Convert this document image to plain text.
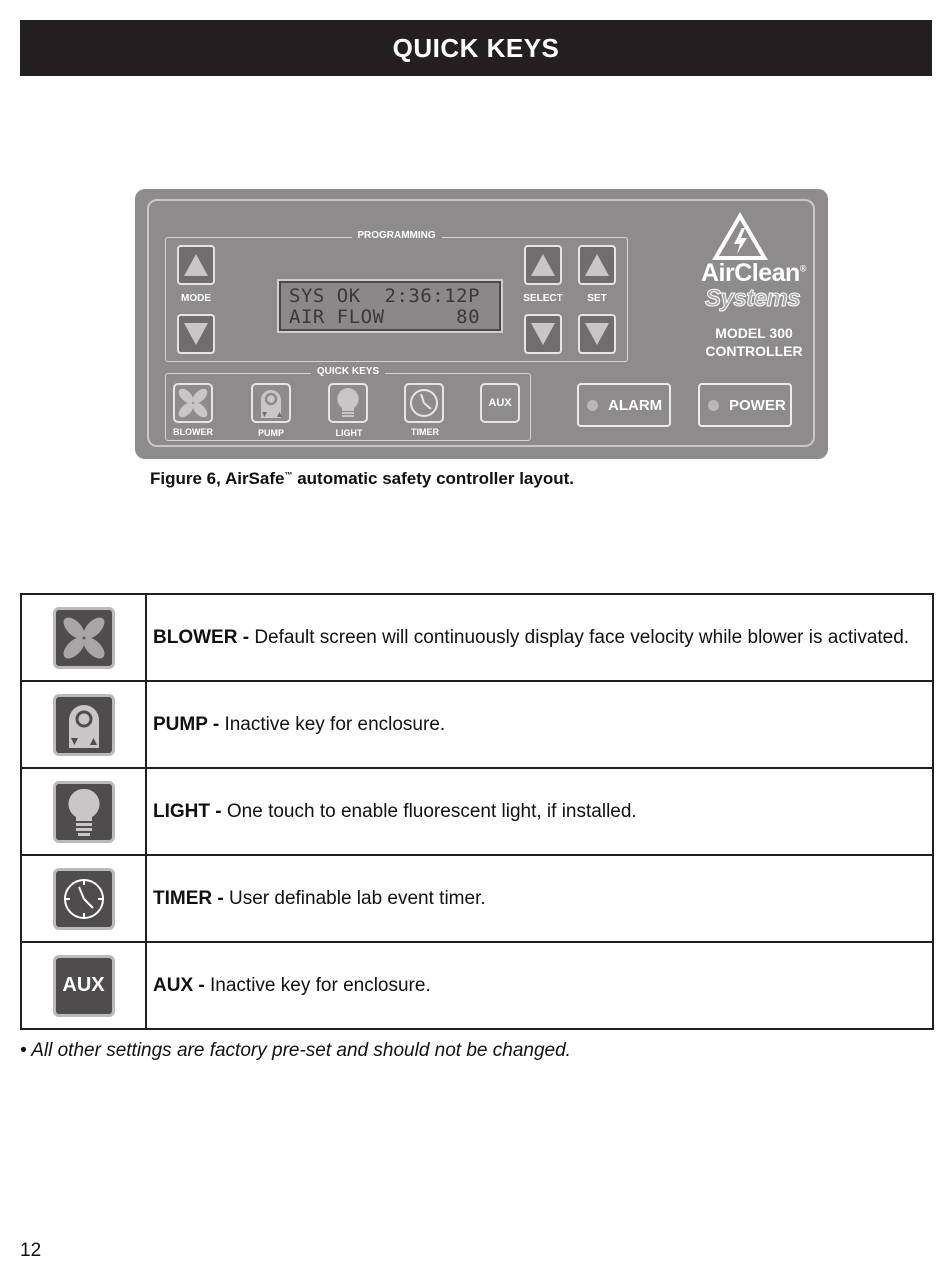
QUICK KEYS
PROGRAMMING
MODE	SYS OK  2:36:12P
AIR FLOW      80
SELECT	SET
QUICK KEYS
BLOWER	PUMP	LIGHT	TIMER
AUX	ALARM	POWER
AirClean®
Systems
MODEL 300
CONTROLLER
Figure 6, AirSafe™ automatic safety controller layout.
	BLOWER - Default screen will continuously display face velocity while blower is activated.

	PUMP - Inactive key for enclosure.

	LIGHT - One touch to enable fluorescent light, if installed.

	TIMER - User definable lab event timer.

AUX	AUX - Inactive key for enclosure.
• All other settings are factory pre-set and should not be changed.
12
